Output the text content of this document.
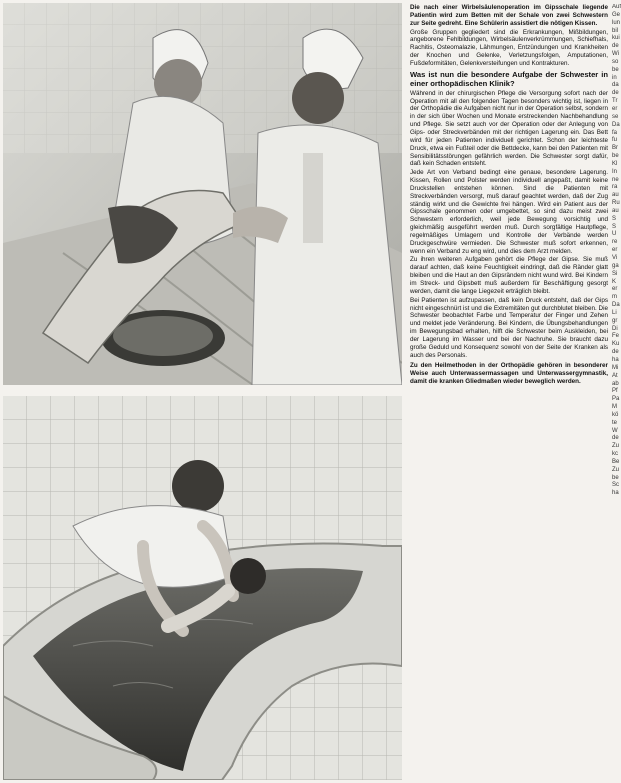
Die nach einer Wirbelsäulenoperation im Gipsschale liegende Patientin wird zum Betten mit der Schale von zwei Schwestern zur Seite gedreht. Eine Schülerin assistiert die nötigen Kissen.

Große Gruppen gegliedert sind die Erkrankungen, Mißbildungen, angeborene Fehlbildungen, Wirbelsäulenverkrümmungen, Schiefhals, Rachitis, Osteomalazie, Lähmungen, Entzündungen und Krankheiten der Knochen und Gelenke, Verletzungsfolgen, Amputationen, Fußdeformitäten, Gelenkversteifungen und Kontrakturen.

Was ist nun die besondere Aufgabe der Schwester in einer orthopädischen Klinik?

Während in der chirurgischen Pflege die Versorgung sofort nach der Operation mit all den folgenden Tagen besonders wichtig ist, liegen in der Orthopädie die Aufgaben nicht nur in der Operation selbst, sondern in der sich über Wochen und Monate erstreckenden Nachbehandlung und Pflege. Sie setzt auch vor der Operation oder der Anlegung von Gips- oder Streckverbänden mit der richtigen Lagerung ein. Das Bett wird für jeden Patienten individuell gerichtet. Schon der leichteste Druck, etwa ein Fußteil oder die Bettdecke, kann bei den Patienten mit Sensibilitätsstörungen gefährlich werden. Die Schwester sorgt dafür, daß kein Schaden entsteht.

Jede Art von Verband bedingt eine genaue, besondere Lagerung. Kissen, Rollen und Polster werden individuell angepaßt, damit keine Druckstellen entstehen können. Sind die Patienten mit Streckverbänden versorgt, muß darauf geachtet werden, daß der Zug ständig wirkt und die Gewichte frei hängen. Wird ein Patient aus der Gipsschale genommen oder umgebettet, so sind dazu meist zwei Schwestern erforderlich, weil jede Bewegung vorsichtig und gleichmäßig ausgeführt werden muß. Durch sorgfältige Hautpflege, regelmäßiges Umlagern und Kontrolle der Verbände werden Druckgeschwüre vermieden. Die Schwester muß sofort erkennen, wenn ein Verband zu eng wird, und dies dem Arzt melden.

Zu ihren weiteren Aufgaben gehört die Pflege der Gipse. Sie muß darauf achten, daß keine Feuchtigkeit eindringt, daß die Ränder glatt bleiben und die Haut an den Gipsrändern nicht wund wird. Bei Kindern im Streck- und Gipsbett muß außerdem für Beschäftigung gesorgt werden, damit die lange Liegezeit erträglich bleibt.

Bei Patienten ist aufzupassen, daß kein Druck entsteht, daß der Gips nicht eingeschnürt ist und die Extremitäten gut durchblutet bleiben. Die Schwester beobachtet Farbe und Temperatur der Finger und Zehen und meldet jede Veränderung. Bei Kindern, die Übungsbehandlungen im Bewegungsbad erhalten, hilft die Schwester beim Auskleiden, bei der Lagerung im Wasser und bei der Nachruhe. Sie braucht dazu große Geduld und Konsequenz sowohl von der Seite der Kranken als auch des Personals.

Zu den Heilmethoden in der Orthopädie gehören in besonderer Weise auch Unterwassermassagen und Unterwassergymnastik, damit die kranken Gliedmaßen wieder beweglich werden.

Auf
Ge
lun
bil
kui
de
Wi
so
be
in
da
de
Tr
er
se
Da
fa
fu
Br
be
Kl
In
ne
ra
au
Ru
au
S
S
U
re
er
Vi
ga
Si
K
er
m
Da
Li
gr
Di
Fe
Ku
de
ha
Mi
At
ab
Pf
Pa
M
kö
te
W
de
Zu
kc
Be
Zu
be
Sc
ha
